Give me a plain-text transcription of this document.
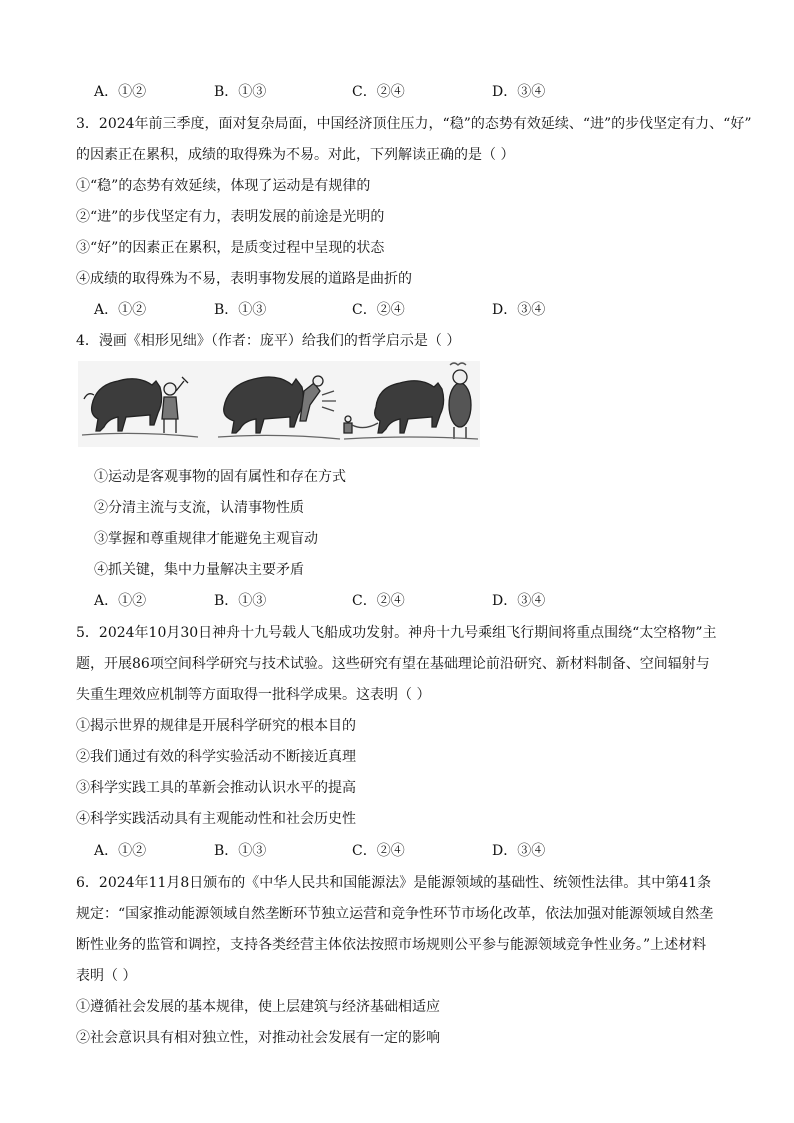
A．①②	B．①③	C．②④	D．③④
3．2024年前三季度，面对复杂局面，中国经济顶住压力，“稳”的态势有效延续、“进”的步伐坚定有力、“好”
的因素正在累积，成绩的取得殊为不易。对此，下列解读正确的是（ ）
①“稳”的态势有效延续，体现了运动是有规律的
②“进”的步伐坚定有力，表明发展的前途是光明的
③“好”的因素正在累积，是质变过程中呈现的状态
④成绩的取得殊为不易，表明事物发展的道路是曲折的
A．①②	B．①③	C．②④	D．③④
4．漫画《相形见绌》（作者：庞平）给我们的哲学启示是（ ）
①运动是客观事物的固有属性和存在方式
②分清主流与支流，认清事物性质
③掌握和尊重规律才能避免主观盲动
④抓关键，集中力量解决主要矛盾
A．①②	B．①③	C．②④	D．③④
5．2024年10月30日神舟十九号载人飞船成功发射。神舟十九号乘组飞行期间将重点围绕“太空格物”主
题，开展86项空间科学研究与技术试验。这些研究有望在基础理论前沿研究、新材料制备、空间辐射与
失重生理效应机制等方面取得一批科学成果。这表明（ ）
①揭示世界的规律是开展科学研究的根本目的
②我们通过有效的科学实验活动不断接近真理
③科学实践工具的革新会推动认识水平的提高
④科学实践活动具有主观能动性和社会历史性
A．①②	B．①③	C．②④	D．③④
6．2024年11月8日颁布的《中华人民共和国能源法》是能源领域的基础性、统领性法律。其中第41条
规定：“国家推动能源领域自然垄断环节独立运营和竞争性环节市场化改革，依法加强对能源领域自然垄
断性业务的监管和调控，支持各类经营主体依法按照市场规则公平参与能源领域竞争性业务。”上述材料
表明（ ）
①遵循社会发展的基本规律，使上层建筑与经济基础相适应
②社会意识具有相对独立性，对推动社会发展有一定的影响
